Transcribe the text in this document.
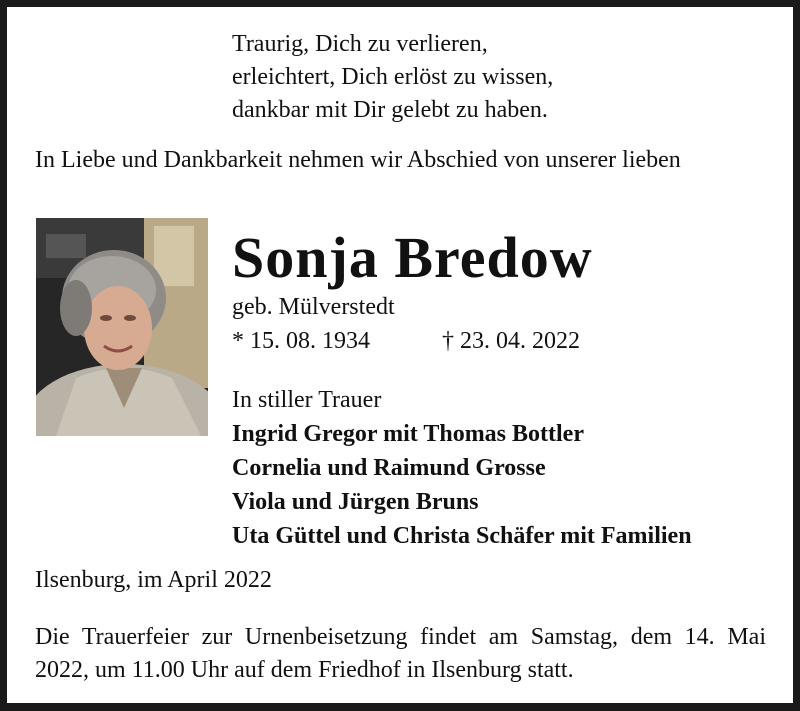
Traurig, Dich zu verlieren,
erleichtert, Dich erlöst zu wissen,
dankbar mit Dir gelebt zu haben.
In Liebe und Dankbarkeit nehmen wir Abschied von unserer lieben
Sonja Bredow
geb. Mülverstedt
* 15. 08. 1934	† 23. 04. 2022
In stiller Trauer
Ingrid Gregor mit Thomas Bottler
Cornelia und Raimund Grosse
Viola und Jürgen Bruns
Uta Güttel und Christa Schäfer mit Familien
Ilsenburg, im April 2022
Die Trauerfeier zur Urnenbeisetzung findet am Samstag, dem 14. Mai 2022, um 11.00 Uhr auf dem Friedhof in Ilsenburg statt.
